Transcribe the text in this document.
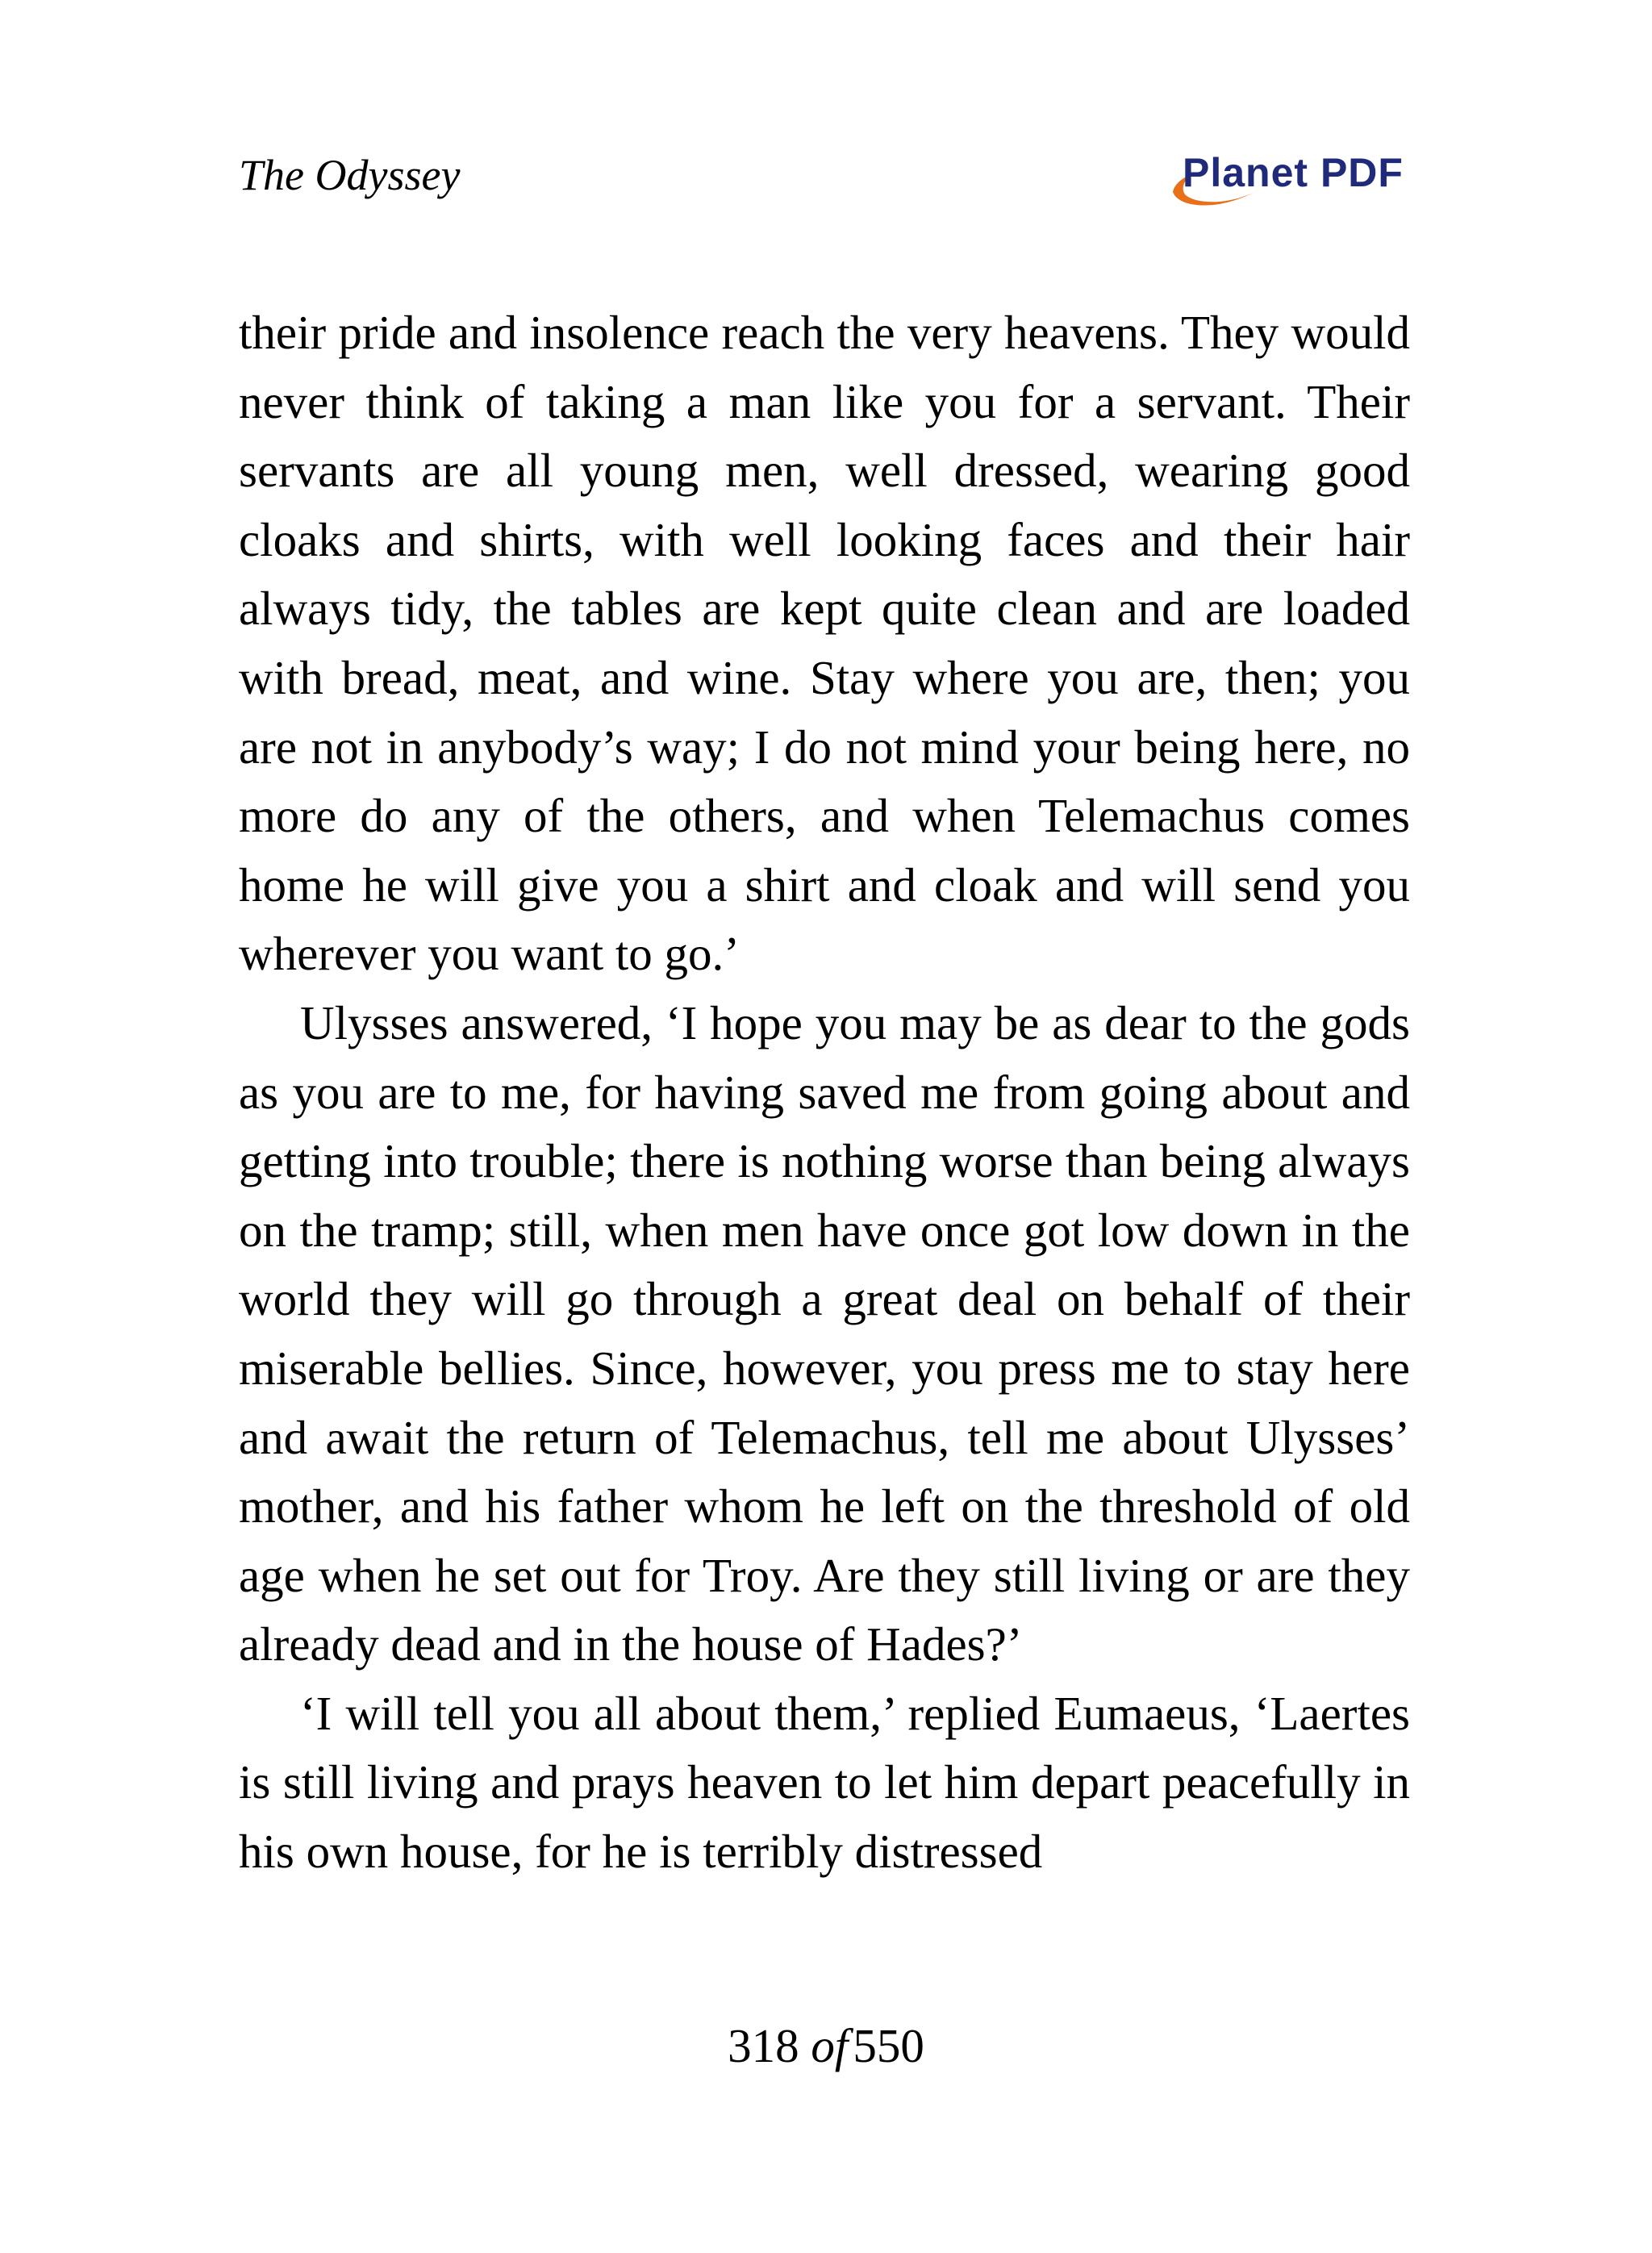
The Odyssey	Planet PDF

their pride and insolence reach the very heavens. They would never think of taking a man like you for a servant. Their servants are all young men, well dressed, wearing good cloaks and shirts, with well looking faces and their hair always tidy, the tables are kept quite clean and are loaded with bread, meat, and wine. Stay where you are, then; you are not in anybody’s way; I do not mind your being here, no more do any of the others, and when Telemachus comes home he will give you a shirt and cloak and will send you wherever you want to go.’

Ulysses answered, ‘I hope you may be as dear to the gods as you are to me, for having saved me from going about and getting into trouble; there is nothing worse than being always on the tramp; still, when men have once got low down in the world they will go through a great deal on behalf of their miserable bellies. Since, however, you press me to stay here and await the return of Telemachus, tell me about Ulysses’ mother, and his father whom he left on the threshold of old age when he set out for Troy. Are they still living or are they already dead and in the house of Hades?’

‘I will tell you all about them,’ replied Eumaeus, ‘Laertes is still living and prays heaven to let him depart peacefully in his own house, for he is terribly distressed

318 of 550
